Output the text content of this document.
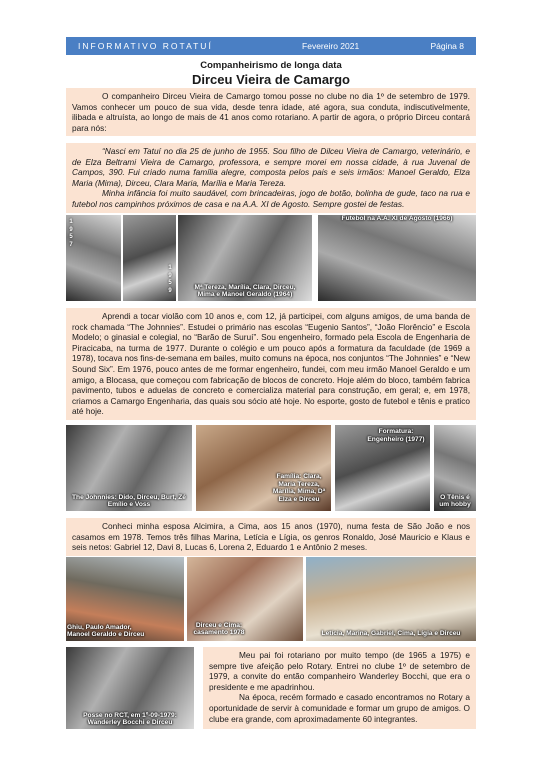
INFORMATIVO ROTATUÍ	Fevereiro 2021	Página 8
Companheirismo de longa data
Dirceu Vieira de Camargo

O companheiro Dirceu Vieira de Camargo tomou posse no clube no dia 1º de setembro de 1979. Vamos conhecer um pouco de sua vida, desde tenra idade, até agora, sua conduta, indiscutivelmente, ilibada e altruísta, ao longo de mais de 41 anos como rotariano. A partir de agora, o próprio Dirceu contará para nós:

“Nasci em Tatuí no dia 25 de junho de 1955. Sou filho de Dilceu Vieira de Camargo, veterinário, e de Elza Beltrami Vieira de Camargo, professora, e sempre morei em nossa cidade, à rua Juvenal de Campos, 390. Fui criado numa família alegre, composta pelos pais e seis irmãos: Manoel Geraldo, Elza Maria (Mima), Dirceu, Clara Maria, Marília e Maria Tereza.

Minha infância foi muito saudável, com brincadeiras, jogo de botão, bolinha de gude, taco na rua e futebol nos campinhos próximos de casa e na A.A. XI de Agosto. Sempre gostei de festas.

1957
1959	Mª Tereza, Marília, Clara, Dirceu, Mima e Manoel Geraldo (1964)
Futebol na A.A. XI de Agosto (1966)

Aprendi a tocar violão com 10 anos e, com 12, já participei, com alguns amigos, de uma banda de rock chamada “The Johnnies”. Estudei o primário nas escolas “Eugenio Santos”, “João Florêncio” e Escola Modelo; o ginasial e colegial, no “Barão de Suruí”. Sou engenheiro, formado pela Escola de Engenharia de Piracicaba, na turma de 1977. Durante o colégio e um pouco após a formatura da faculdade (de 1969 a 1978), tocava nos fins-de-semana em bailes, muito comuns na época, nos conjuntos “The Johnnies” e “New Sound Six”. Em 1976, pouco antes de me formar engenheiro, fundei, com meu irmão Manoel Geraldo e um amigo, a Blocasa, que começou com fabricação de blocos de concreto. Hoje além do bloco, também fabrica pavimento, tubos e aduelas de concreto e comercializa material para construção, em geral; e, em 1978, criamos a Camargo Engenharia, das quais sou sócio até hoje. No esporte, gosto de futebol e tênis e pratico até hoje.

The Johnnies: Dido, Dirceu, Burt, Zé Emílio e Voss
Família: Clara, Maria Tereza, Marília, Mima, Dª Elza e Dirceu
Formatura: Engenheiro (1977)
O Tênis é um hobby

Conheci minha esposa Alcimira, a Cima, aos 15 anos (1970), numa festa de São João e nos casamos em 1978. Temos três filhas Marina, Letícia e Lígia, os genros Ronaldo, José Mauricio e Klaus e seis netos: Gabriel 12, Davi 8, Lucas 6, Lorena 2, Eduardo 1 e Antônio 2 meses.

Ghiu, Paulo Amador, Manoel Geraldo e Dirceu
Dirceu e Cima: casamento 1978	Letícia, Marina, Gabriel, Cima, Lígia e Dirceu
Posse no RCT, em 1º-09-1979: Wanderley Bocchi e Dirceu

Meu pai foi rotariano por muito tempo (de 1965 a 1975) e sempre tive afeição pelo Rotary. Entrei no clube 1º de setembro de 1979, a convite do então companheiro Wanderley Bocchi, que era o presidente e me apadrinhou.

Na época, recém formado e casado encontramos no Rotary a oportunidade de servir à comunidade e formar um grupo de amigos. O clube era grande, com aproximadamente 60 integrantes.
